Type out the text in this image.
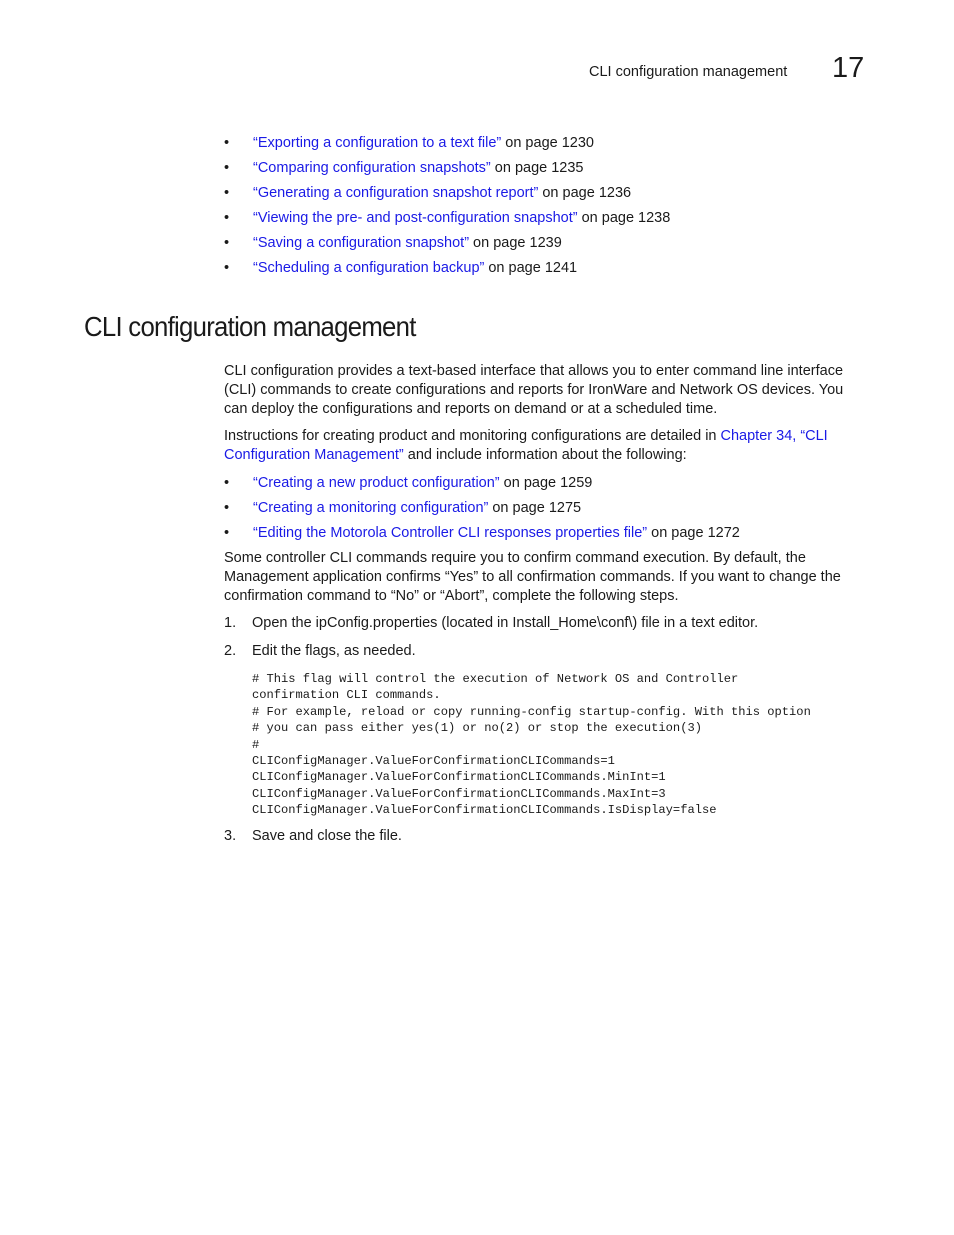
CLI configuration management 17
• “Exporting a configuration to a text file” on page 1230
• “Comparing configuration snapshots” on page 1235
• “Generating a configuration snapshot report” on page 1236
• “Viewing the pre- and post-configuration snapshot” on page 1238
• “Saving a configuration snapshot” on page 1239
• “Scheduling a configuration backup” on page 1241
CLI configuration management

CLI configuration provides a text-based interface that allows you to enter command line interface (CLI) commands to create configurations and reports for IronWare and Network OS devices. You can deploy the configurations and reports on demand or at a scheduled time.

Instructions for creating product and monitoring configurations are detailed in Chapter 34, “CLI Configuration Management” and include information about the following:

• “Creating a new product configuration” on page 1259
• “Creating a monitoring configuration” on page 1275
• “Editing the Motorola Controller CLI responses properties file” on page 1272

Some controller CLI commands require you to confirm command execution. By default, the Management application confirms “Yes” to all confirmation commands. If you want to change the confirmation command to “No” or “Abort”, complete the following steps.

1. Open the ipConfig.properties (located in Install_Home\conf\) file in a text editor.
2. Edit the flags, as needed.
# This flag will control the execution of Network OS and Controller
confirmation CLI commands.
# For example, reload or copy running-config startup-config. With this option
# you can pass either yes(1) or no(2) or stop the execution(3)
#
CLIConfigManager.ValueForConfirmationCLICommands=1
CLIConfigManager.ValueForConfirmationCLICommands.MinInt=1
CLIConfigManager.ValueForConfirmationCLICommands.MaxInt=3
CLIConfigManager.ValueForConfirmationCLICommands.IsDisplay=false
3. Save and close the file.
